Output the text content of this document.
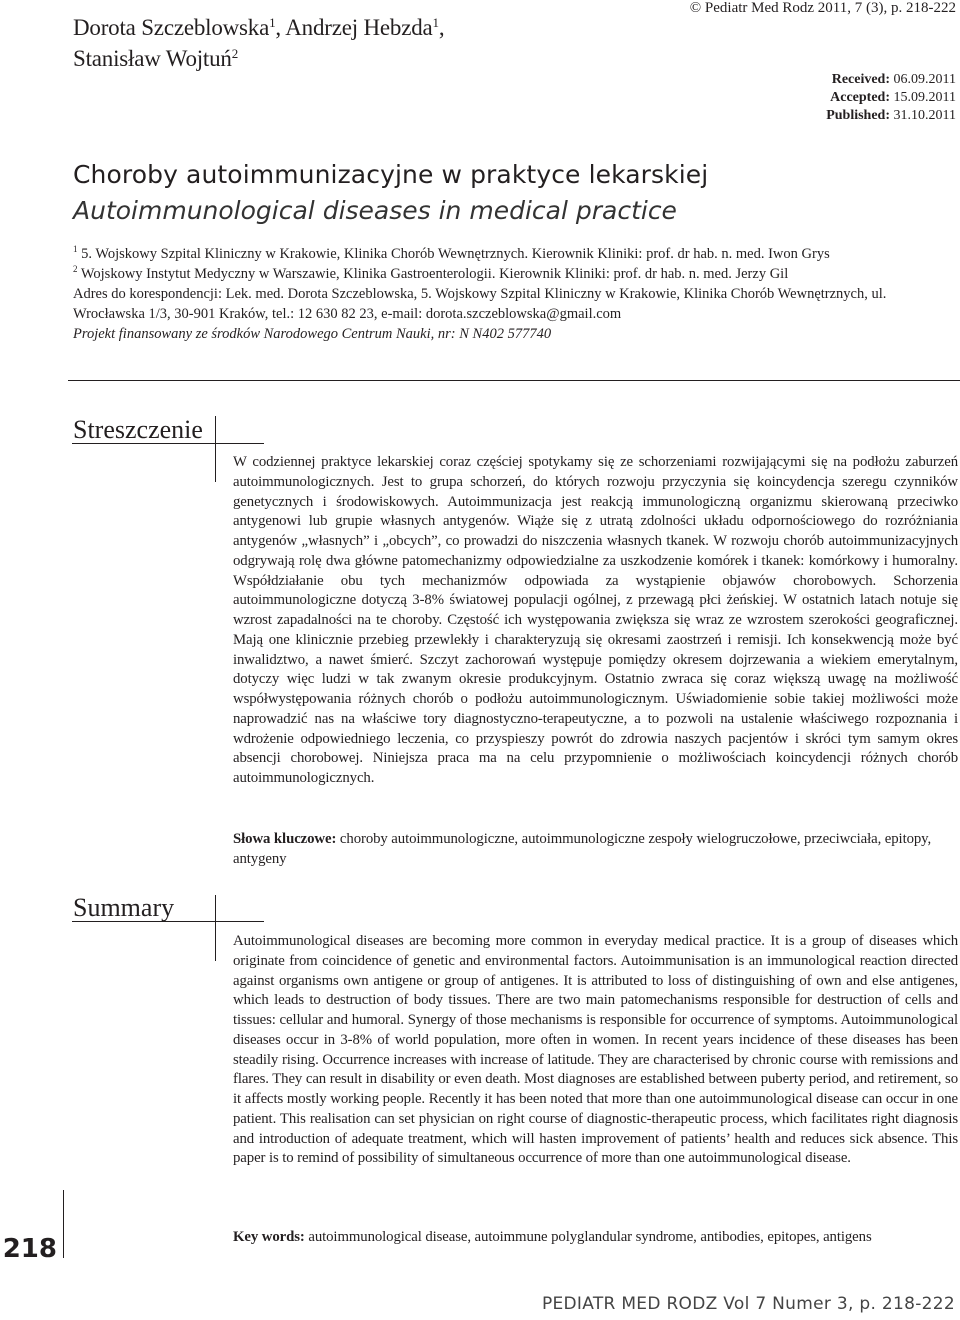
Dorota Szczeblowska$^1$, Andrzej Hebzda$^1$,
Stanisław Wojtuń$^2$
© Pediatr Med Rodz 2011, 7 (3), p. 218-222
Received: 06.09.2011
Accepted: 15.09.2011
Published: 31.10.2011
Choroby autoimmunizacyjne w praktyce lekarskiej
Autoimmunological diseases in medical practice
$^1$ 5. Wojskowy Szpital Kliniczny w Krakowie, Klinika Chorób Wewnętrznych. Kierownik Kliniki: prof. dr hab. n. med. Iwon Grys
$^2$ Wojskowy Instytut Medyczny w Warszawie, Klinika Gastroenterologii. Kierownik Kliniki: prof. dr hab. n. med. Jerzy Gil
Adres do korespondencji: Lek. med. Dorota Szczeblowska, 5. Wojskowy Szpital Kliniczny w Krakowie, Klinika Chorób Wewnętrznych, ul. Wrocławska 1/3, 30-901 Kraków, tel.: 12 630 82 23, e-mail: dorota.szczeblowska@gmail.com
Projekt finansowany ze środków Narodowego Centrum Nauki, nr: N N402 577740
Streszczenie
W codziennej praktyce lekarskiej coraz częściej spotykamy się ze schorzeniami rozwijającymi się na podłożu zaburzeń autoimmunologicznych. Jest to grupa schorzeń, do których rozwoju przyczynia się koincydencja szeregu czynników genetycznych i środowiskowych. Autoimmunizacja jest reakcją immunologiczną organizmu skierowaną przeciwko antygenowi lub grupie własnych antygenów. Wiąże się z utratą zdolności układu odpornościowego do rozróżniania antygenów „własnych” i „obcych”, co prowadzi do niszczenia własnych tkanek. W rozwoju chorób autoimmunizacyjnych odgrywają rolę dwa główne patomechanizmy odpowiedzialne za uszkodzenie komórek i tkanek: komórkowy i humoralny. Współdziałanie obu tych mechanizmów odpowiada za wystąpienie objawów chorobowych. Schorzenia autoimmunologiczne dotyczą 3-8% światowej populacji ogólnej, z przewagą płci żeńskiej. W ostatnich latach notuje się wzrost zapadalności na te choroby. Częstość ich występowania zwiększa się wraz ze wzrostem szerokości geograficznej. Mają one klinicznie przebieg przewlekły i charakteryzują się okresami zaostrzeń i remisji. Ich konsekwencją może być inwalidztwo, a nawet śmierć. Szczyt zachorowań występuje pomiędzy okresem dojrzewania a wiekiem emerytalnym, dotyczy więc ludzi w tak zwanym okresie produkcyjnym. Ostatnio zwraca się coraz większą uwagę na możliwość współwystępowania różnych chorób o podłożu autoimmunologicznym. Uświadomienie sobie takiej możliwości może naprowadzić nas na właściwe tory diagnostyczno-terapeutyczne, a to pozwoli na ustalenie właściwego rozpoznania i wdrożenie odpowiedniego leczenia, co przyspieszy powrót do zdrowia naszych pacjentów i skróci tym samym okres absencji chorobowej. Niniejsza praca ma na celu przypomnienie o możliwościach koincydencji różnych chorób autoimmunologicznych.
Słowa kluczowe: choroby autoimmunologiczne, autoimmunologiczne zespoły wielogruczołowe, przeciwciała, epitopy, antygeny
Summary
Autoimmunological diseases are becoming more common in everyday medical practice. It is a group of diseases which originate from coincidence of genetic and environmental factors. Autoimmunisation is an immunological reaction directed against organisms own antigene or group of antigenes. It is attributed to loss of distinguishing of own and else antigenes, which leads to destruction of body tissues. There are two main patomechanisms responsible for destruction of cells and tissues: cellular and humoral. Synergy of those mechanisms is responsible for occurrence of symptoms. Autoimmunological diseases occur in 3-8% of world population, more often in women. In recent years incidence of these diseases has been steadily rising. Occurrence increases with increase of latitude. They are characterised by chronic course with remissions and flares. They can result in disability or even death. Most diagnoses are established between puberty period, and retirement, so it affects mostly working people. Recently it has been noted that more than one autoimmunological disease can occur in one patient. This realisation can set physician on right course of diagnostic-therapeutic process, which facilitates right diagnosis and introduction of adequate treatment, which will hasten improvement of patients’ health and reduces sick absence. This paper is to remind of possibility of simultaneous occurrence of more than one autoimmunological disease.
Key words: autoimmunological disease, autoimmune polyglandular syndrome, antibodies, epitopes, antigens
218
PEDIATR MED RODZ Vol 7 Numer 3, p. 218-222
